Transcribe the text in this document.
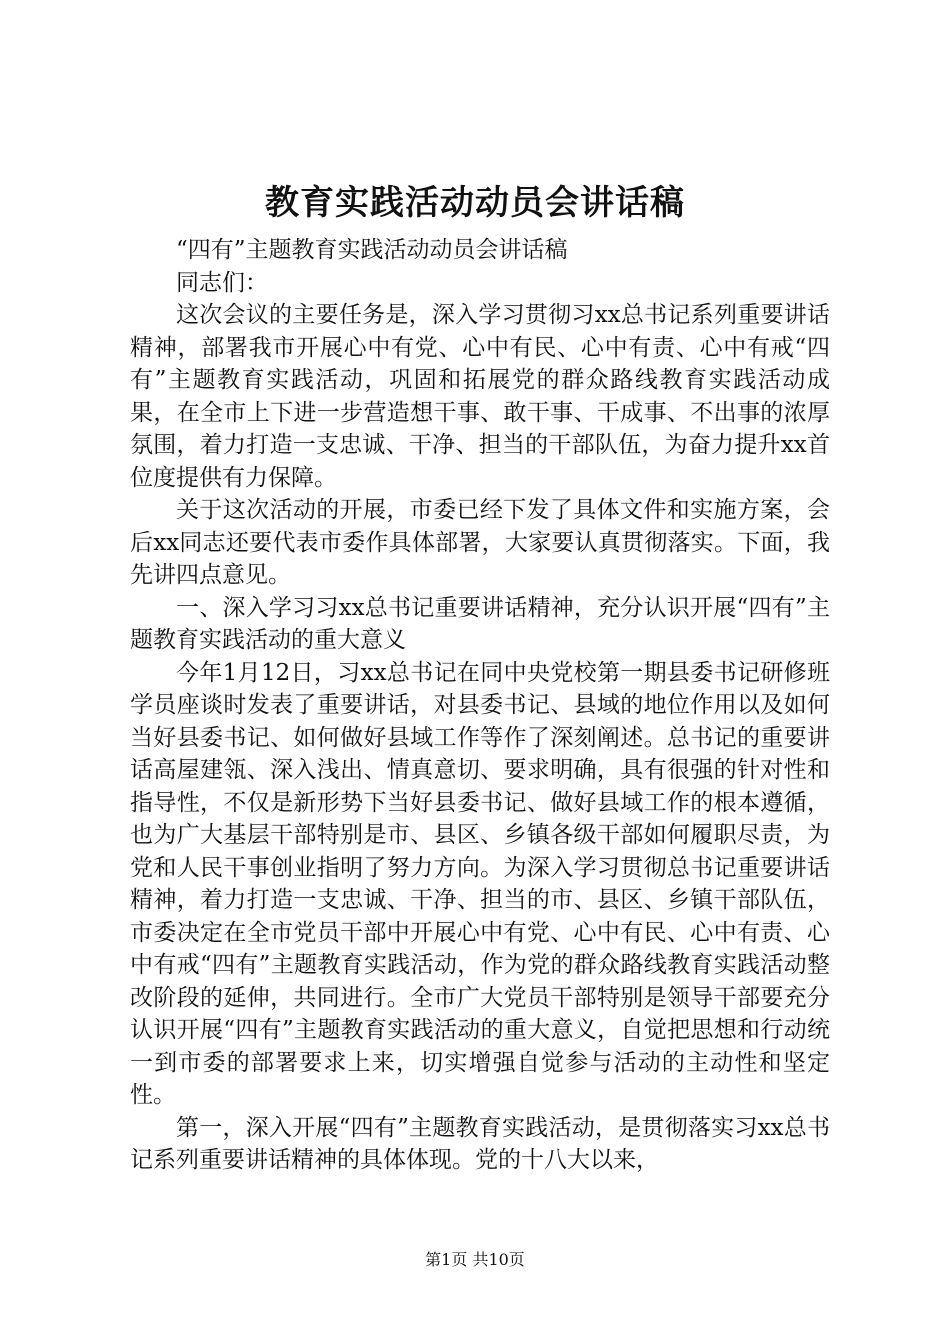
教育实践活动动员会讲话稿

“四有”主题教育实践活动动员会讲话稿

同志们：

这次会议的主要任务是，深入学习贯彻习xx总书记系列重要讲话精神，部署我市开展心中有党、心中有民、心中有责、心中有戒“四有”主题教育实践活动，巩固和拓展党的群众路线教育实践活动成果，在全市上下进一步营造想干事、敢干事、干成事、不出事的浓厚氛围，着力打造一支忠诚、干净、担当的干部队伍，为奋力提升xx首位度提供有力保障。

关于这次活动的开展，市委已经下发了具体文件和实施方案，会后xx同志还要代表市委作具体部署，大家要认真贯彻落实。下面，我先讲四点意见。

一、深入学习习xx总书记重要讲话精神，充分认识开展“四有”主题教育实践活动的重大意义

今年1月12日，习xx总书记在同中央党校第一期县委书记研修班学员座谈时发表了重要讲话，对县委书记、县域的地位作用以及如何当好县委书记、如何做好县域工作等作了深刻阐述。总书记的重要讲话高屋建瓴、深入浅出、情真意切、要求明确，具有很强的针对性和指导性，不仅是新形势下当好县委书记、做好县域工作的根本遵循，也为广大基层干部特别是市、县区、乡镇各级干部如何履职尽责，为党和人民干事创业指明了努力方向。为深入学习贯彻总书记重要讲话精神，着力打造一支忠诚、干净、担当的市、县区、乡镇干部队伍，市委决定在全市党员干部中开展心中有党、心中有民、心中有责、心中有戒“四有”主题教育实践活动，作为党的群众路线教育实践活动整改阶段的延伸，共同进行。全市广大党员干部特别是领导干部要充分认识开展“四有”主题教育实践活动的重大意义，自觉把思想和行动统一到市委的部署要求上来，切实增强自觉参与活动的主动性和坚定性。

第一，深入开展“四有”主题教育实践活动，是贯彻落实习xx总书记系列重要讲话精神的具体体现。党的十八大以来，

第1页 共10页
